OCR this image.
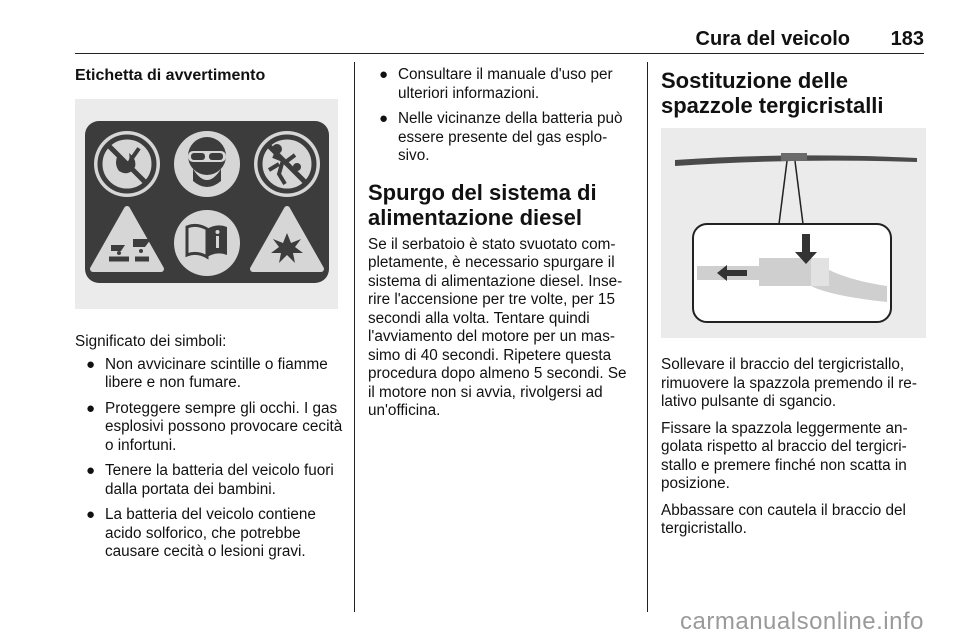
Cura del veicolo 183
Etichetta di avvertimento
Significato dei simboli:
● Non avvicinare scintille o fiamme libere e non fumare.
● Proteggere sempre gli occhi. I gas esplosivi possono provocare cecità o infortuni.
● Tenere la batteria del veicolo fuori dalla portata dei bambini.
● La batteria del veicolo contiene acido solforico, che potrebbe causare cecità o lesioni gravi.
● Consultare il manuale d'uso per ulteriori informazioni.
● Nelle vicinanze della batteria può essere presente del gas esplo-sivo.
Spurgo del sistema di alimentazione diesel
Se il serbatoio è stato svuotato com-pletamente, è necessario spurgare il sistema di alimentazione diesel. Inse-rire l'accensione per tre volte, per 15 secondi alla volta. Tentare quindi l'avviamento del motore per un mas-simo di 40 secondi. Ripetere questa procedura dopo almeno 5 secondi. Se il motore non si avvia, rivolgersi ad un'officina.
Sostituzione delle spazzole tergicristalli
Sollevare il braccio del tergicristallo, rimuovere la spazzola premendo il re-lativo pulsante di sgancio.
Fissare la spazzola leggermente an-golata rispetto al braccio del tergicri-stallo e premere finché non scatta in posizione.
Abbassare con cautela il braccio del tergicristallo.
carmanualsonline.info
